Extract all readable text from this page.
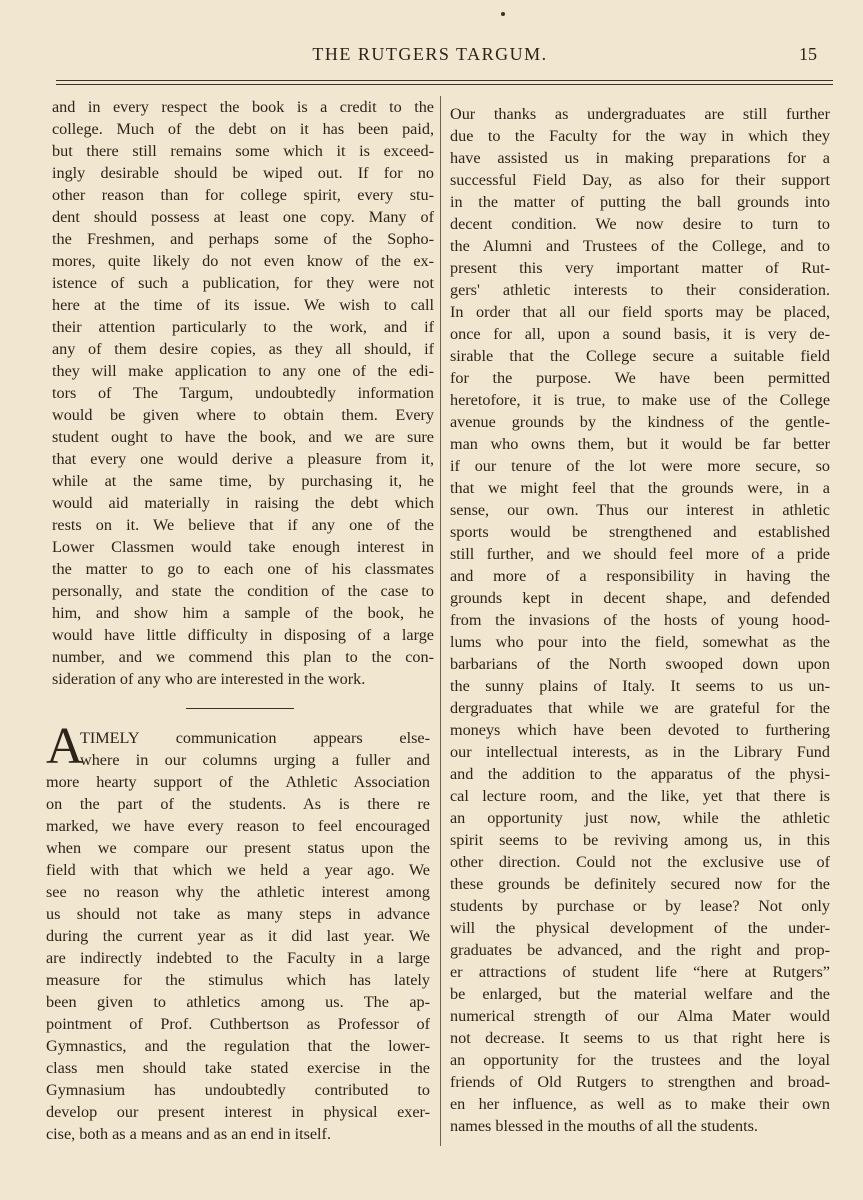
THE RUTGERS TARGUM.	15
and in every respect the book is a credit to the
college. Much of the debt on it has been paid,
but there still remains some which it is exceed-
ingly desirable should be wiped out. If for no
other reason than for college spirit, every stu-
dent should possess at least one copy. Many of
the Freshmen, and perhaps some of the Sopho-
mores, quite likely do not even know of the ex-
istence of such a publication, for they were not
here at the time of its issue. We wish to call
their attention particularly to the work, and if
any of them desire copies, as they all should, if
they will make application to any one of the edi-
tors of The Targum, undoubtedly information
would be given where to obtain them. Every
student ought to have the book, and we are sure
that every one would derive a pleasure from it,
while at the same time, by purchasing it, he
would aid materially in raising the debt which
rests on it. We believe that if any one of the
Lower Classmen would take enough interest in
the matter to go to each one of his classmates
personally, and state the condition of the case to
him, and show him a sample of the book, he
would have little difficulty in disposing of a large
number, and we commend this plan to the con-
sideration of any who are interested in the work.
A
TIMELY communication appears else-
where in our columns urging a fuller and
more hearty support of the Athletic Association
on the part of the students. As is there re
marked, we have every reason to feel encouraged
when we compare our present status upon the
field with that which we held a year ago. We
see no reason why the athletic interest among
us should not take as many steps in advance
during the current year as it did last year. We
are indirectly indebted to the Faculty in a large
measure for the stimulus which has lately
been given to athletics among us. The ap-
pointment of Prof. Cuthbertson as Professor of
Gymnastics, and the regulation that the lower-
class men should take stated exercise in the
Gymnasium has undoubtedly contributed to
develop our present interest in physical exer-
cise, both as a means and as an end in itself.
Our thanks as undergraduates are still further
due to the Faculty for the way in which they
have assisted us in making preparations for a
successful Field Day, as also for their support
in the matter of putting the ball grounds into
decent condition. We now desire to turn to
the Alumni and Trustees of the College, and to
present this very important matter of Rut-
gers' athletic interests to their consideration.
In order that all our field sports may be placed,
once for all, upon a sound basis, it is very de-
sirable that the College secure a suitable field
for the purpose. We have been permitted
heretofore, it is true, to make use of the College
avenue grounds by the kindness of the gentle-
man who owns them, but it would be far better
if our tenure of the lot were more secure, so
that we might feel that the grounds were, in a
sense, our own. Thus our interest in athletic
sports would be strengthened and established
still further, and we should feel more of a pride
and more of a responsibility in having the
grounds kept in decent shape, and defended
from the invasions of the hosts of young hood-
lums who pour into the field, somewhat as the
barbarians of the North swooped down upon
the sunny plains of Italy. It seems to us un-
dergraduates that while we are grateful for the
moneys which have been devoted to furthering
our intellectual interests, as in the Library Fund
and the addition to the apparatus of the physi-
cal lecture room, and the like, yet that there is
an opportunity just now, while the athletic
spirit seems to be reviving among us, in this
other direction. Could not the exclusive use of
these grounds be definitely secured now for the
students by purchase or by lease? Not only
will the physical development of the under-
graduates be advanced, and the right and prop-
er attractions of student life “here at Rutgers”
be enlarged, but the material welfare and the
numerical strength of our Alma Mater would
not decrease. It seems to us that right here is
an opportunity for the trustees and the loyal
friends of Old Rutgers to strengthen and broad-
en her influence, as well as to make their own
names blessed in the mouths of all the students.
